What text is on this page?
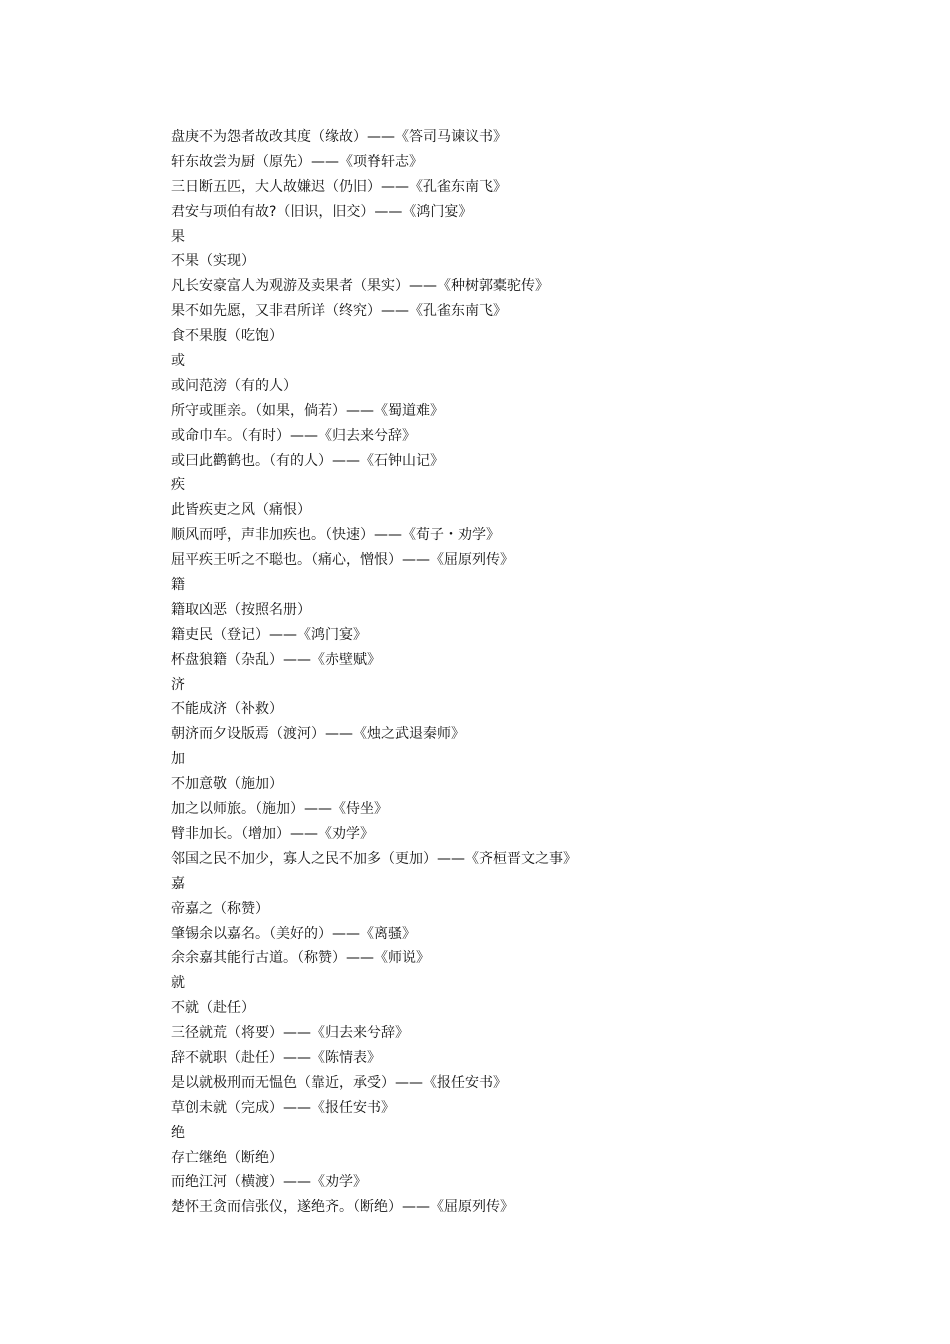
盘庚不为怨者故改其度（缘故）——《答司马谏议书》
轩东故尝为厨（原先）——《项脊轩志》
三日断五匹，大人故嫌迟（仍旧）——《孔雀东南飞》
君安与项伯有故?（旧识，旧交）——《鸿门宴》
果
不果（实现）
凡长安豪富人为观游及卖果者（果实）——《种树郭橐驼传》
果不如先愿，又非君所详（终究）——《孔雀东南飞》
食不果腹（吃饱）
或
或问范滂（有的人）
所守或匪亲。（如果，倘若）——《蜀道难》
或命巾车。（有时）——《归去来兮辞》
或曰此鹳鹤也。（有的人）——《石钟山记》
疾
此皆疾吏之风（痛恨）
顺风而呼，声非加疾也。（快速）——《荀子・劝学》
屈平疾王听之不聪也。（痛心，憎恨）——《屈原列传》
籍
籍取凶恶（按照名册）
籍吏民（登记）——《鸿门宴》
杯盘狼籍（杂乱）——《赤壁赋》
济
不能成济（补救）
朝济而夕设版焉（渡河）——《烛之武退秦师》
加
不加意敬（施加）
加之以师旅。（施加）——《侍坐》
臂非加长。（增加）——《劝学》
邻国之民不加少，寡人之民不加多（更加）——《齐桓晋文之事》
嘉
帝嘉之（称赞）
肇锡余以嘉名。（美好的）——《离骚》
余余嘉其能行古道。（称赞）——《师说》
就
不就（赴任）
三径就荒（将要）——《归去来兮辞》
辞不就职（赴任）——《陈情表》
是以就极刑而无愠色（靠近，承受）——《报任安书》
草创未就（完成）——《报任安书》
绝
存亡继绝（断绝）
而绝江河（横渡）——《劝学》
楚怀王贪而信张仪，遂绝齐。（断绝）——《屈原列传》
